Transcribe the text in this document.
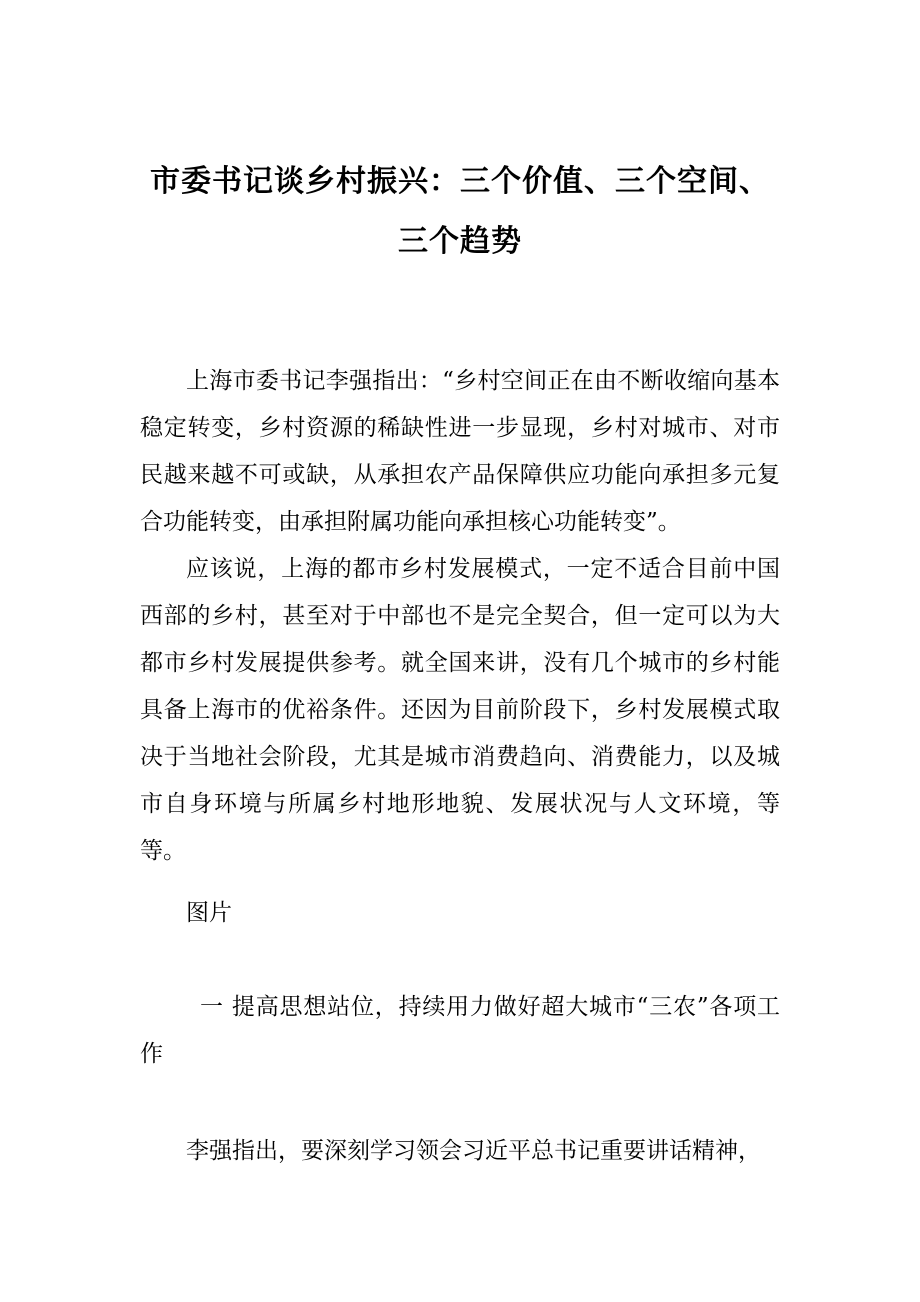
市委书记谈乡村振兴：三个价值、三个空间、三个趋势

上海市委书记李强指出：“乡村空间正在由不断收缩向基本稳定转变，乡村资源的稀缺性进一步显现，乡村对城市、对市民越来越不可或缺，从承担农产品保障供应功能向承担多元复合功能转变，由承担附属功能向承担核心功能转变”。

应该说，上海的都市乡村发展模式，一定不适合目前中国西部的乡村，甚至对于中部也不是完全契合，但一定可以为大都市乡村发展提供参考。就全国来讲，没有几个城市的乡村能具备上海市的优裕条件。还因为目前阶段下，乡村发展模式取决于当地社会阶段，尤其是城市消费趋向、消费能力，以及城市自身环境与所属乡村地形地貌、发展状况与人文环境，等等。

图片

一 提高思想站位，持续用力做好超大城市“三农”各项工作

李强指出，要深刻学习领会习近平总书记重要讲话精神，
